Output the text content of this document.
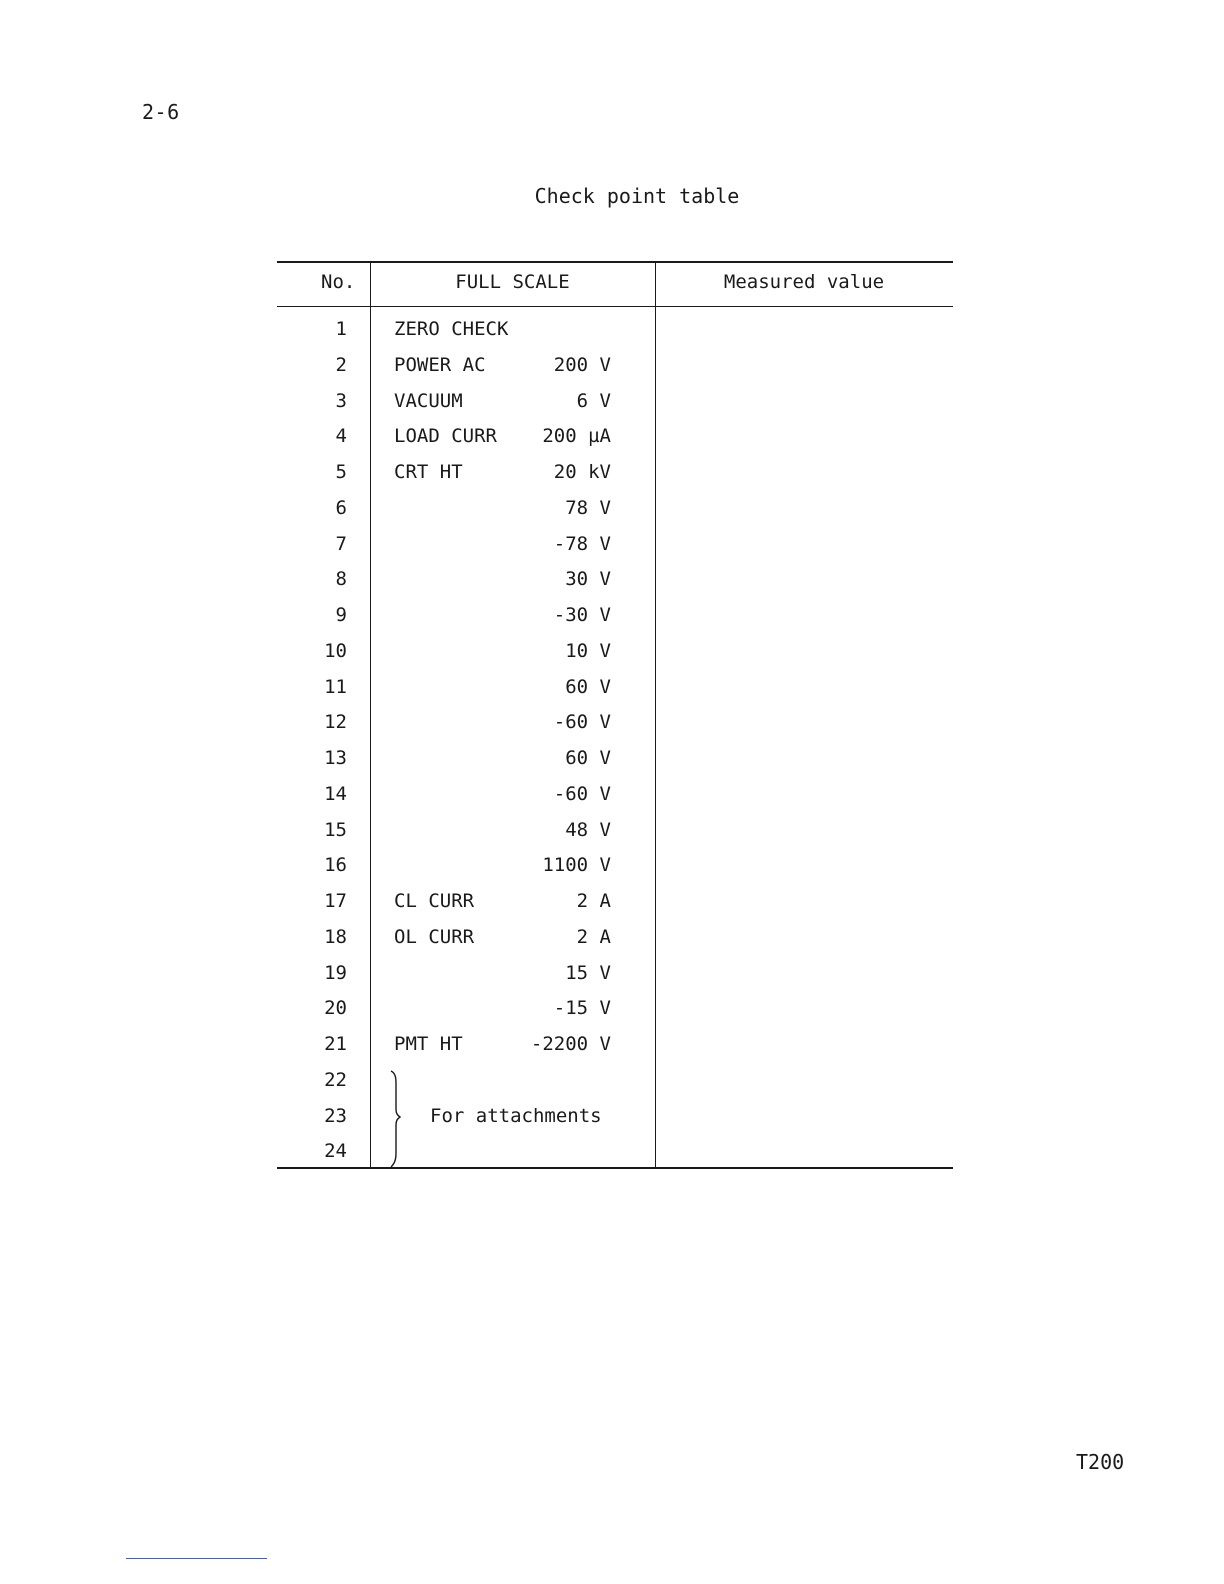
2-6
Check point table
No.	FULL SCALE	Measured value
1 ZERO CHECK
2 POWER AC	200 V
3 VACUUM	6 V
4 LOAD CURR 200 µA
5 CRT HT	20 kV
6	78 V
7	-78 V
8	30 V
9	-30 V
10	10 V
11	60 V
12	-60 V
13	60 V
14	-60 V
15	48 V
16	1100 V
17 CL CURR	2 A
18 OL CURR	2 A
19	15 V
20	-15 V
21 PMT HT	-2200 V
22
23
24
For attachments
T200
